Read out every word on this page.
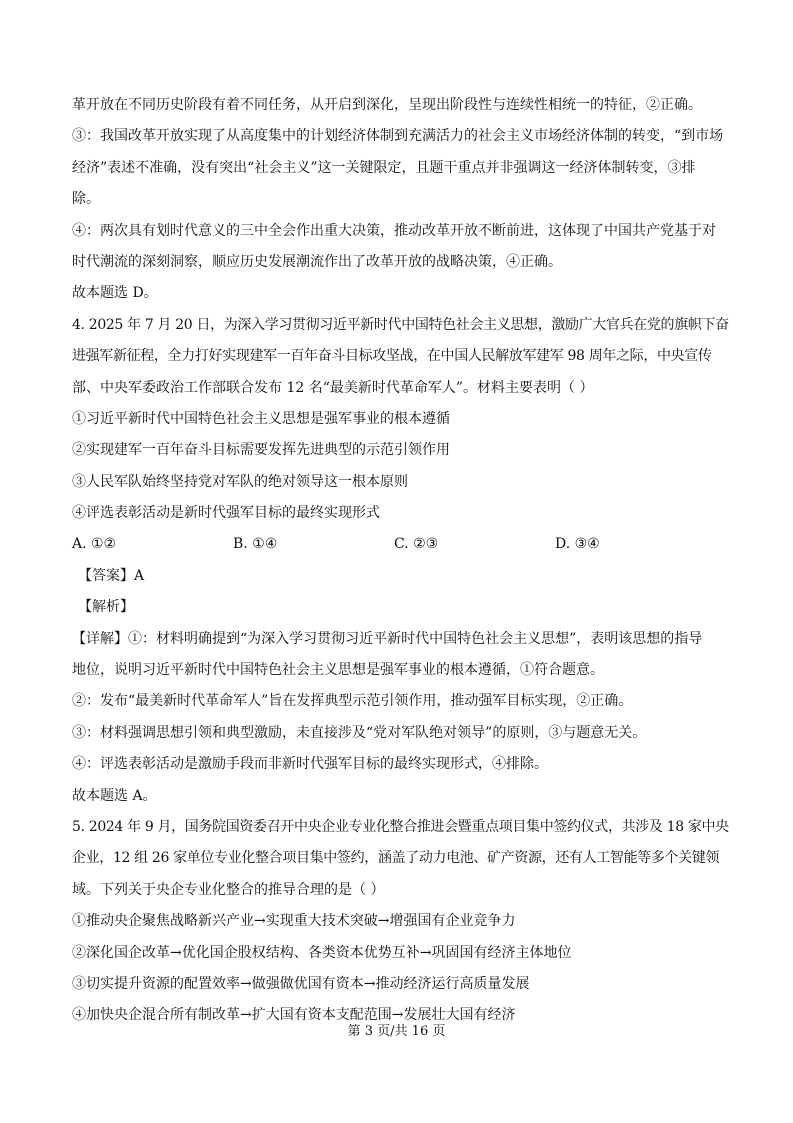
革开放在不同历史阶段有着不同任务，从开启到深化，呈现出阶段性与连续性相统一的特征，②正确。
③：我国改革开放实现了从高度集中的计划经济体制到充满活力的社会主义市场经济体制的转变，“到市场
经济”表述不准确，没有突出“社会主义”这一关键限定，且题干重点并非强调这一经济体制转变，③排
除。
④：两次具有划时代意义的三中全会作出重大决策，推动改革开放不断前进，这体现了中国共产党基于对
时代潮流的深刻洞察，顺应历史发展潮流作出了改革开放的战略决策，④正确。
故本题选 D。
4. 2025 年 7 月 20 日，为深入学习贯彻习近平新时代中国特色社会主义思想，激励广大官兵在党的旗帜下奋
进强军新征程，全力打好实现建军一百年奋斗目标攻坚战，在中国人民解放军建军 98 周年之际，中央宣传
部、中央军委政治工作部联合发布 12 名“最美新时代革命军人”。材料主要表明（ ）
①习近平新时代中国特色社会主义思想是强军事业的根本遵循
②实现建军一百年奋斗目标需要发挥先进典型的示范引领作用
③人民军队始终坚持党对军队的绝对领导这一根本原则
④评选表彰活动是新时代强军目标的最终实现形式
A. ①②	B. ①④	C. ②③	D. ③④
【答案】A
【解析】
【详解】①：材料明确提到“为深入学习贯彻习近平新时代中国特色社会主义思想”，表明该思想的指导
地位，说明习近平新时代中国特色社会主义思想是强军事业的根本遵循，①符合题意。
②：发布“最美新时代革命军人”旨在发挥典型示范引领作用，推动强军目标实现，②正确。
③：材料强调思想引领和典型激励，未直接涉及“党对军队绝对领导”的原则，③与题意无关。
④：评选表彰活动是激励手段而非新时代强军目标的最终实现形式，④排除。
故本题选 A。
5. 2024 年 9 月，国务院国资委召开中央企业专业化整合推进会暨重点项目集中签约仪式，共涉及 18 家中央
企业，12 组 26 家单位专业化整合项目集中签约，涵盖了动力电池、矿产资源，还有人工智能等多个关键领
域。下列关于央企专业化整合的推导合理的是（ ）
①推动央企聚焦战略新兴产业→实现重大技术突破→增强国有企业竞争力
②深化国企改革→优化国企股权结构、各类资本优势互补→巩固国有经济主体地位
③切实提升资源的配置效率→做强做优国有资本→推动经济运行高质量发展
④加快央企混合所有制改革→扩大国有资本支配范围→发展壮大国有经济
第 3 页/共 16 页
